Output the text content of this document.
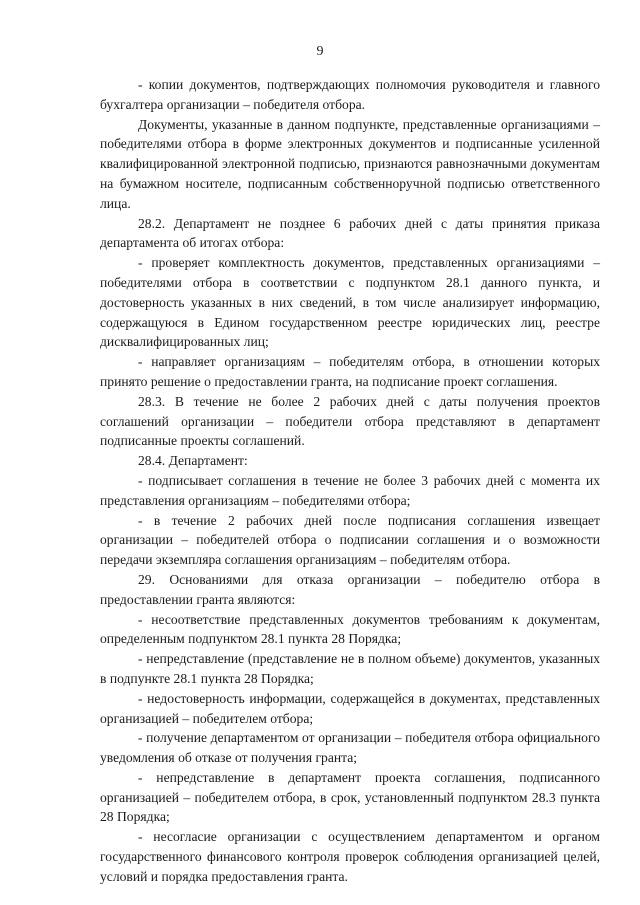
9

- копии документов, подтверждающих полномочия руководителя и главного бухгалтера организации – победителя отбора.

Документы, указанные в данном подпункте, представленные организациями – победителями отбора в форме электронных документов и подписанные усиленной квалифицированной электронной подписью, признаются равнозначными документам на бумажном носителе, подписанным собственноручной подписью ответственного лица.

28.2. Департамент не позднее 6 рабочих дней с даты принятия приказа департамента об итогах отбора:

- проверяет комплектность документов, представленных организациями – победителями отбора в соответствии с подпунктом 28.1 данного пункта, и достоверность указанных в них сведений, в том числе анализирует информацию, содержащуюся в Едином государственном реестре юридических лиц, реестре дисквалифицированных лиц;

- направляет организациям – победителям отбора, в отношении которых принято решение о предоставлении гранта, на подписание проект соглашения.

28.3. В течение не более 2 рабочих дней с даты получения проектов соглашений организации – победители отбора представляют в департамент подписанные проекты соглашений.

28.4. Департамент:

- подписывает соглашения в течение не более 3 рабочих дней с момента их представления организациям – победителями отбора;

- в течение 2 рабочих дней после подписания соглашения извещает организации – победителей отбора о подписании соглашения и о возможности передачи экземпляра соглашения организациям – победителям отбора.

29. Основаниями для отказа организации – победителю отбора в предоставлении гранта являются:

- несоответствие представленных документов требованиям к документам, определенным подпунктом 28.1 пункта 28 Порядка;

- непредставление (представление не в полном объеме) документов, указанных в подпункте 28.1 пункта 28 Порядка;

- недостоверность информации, содержащейся в документах, представленных организацией – победителем отбора;

- получение департаментом от организации – победителя отбора официального уведомления об отказе от получения гранта;

- непредставление в департамент проекта соглашения, подписанного организацией – победителем отбора, в срок, установленный подпунктом 28.3 пункта 28 Порядка;

- несогласие организации с осуществлением департаментом и органом государственного финансового контроля проверок соблюдения организацией целей, условий и порядка предоставления гранта.
